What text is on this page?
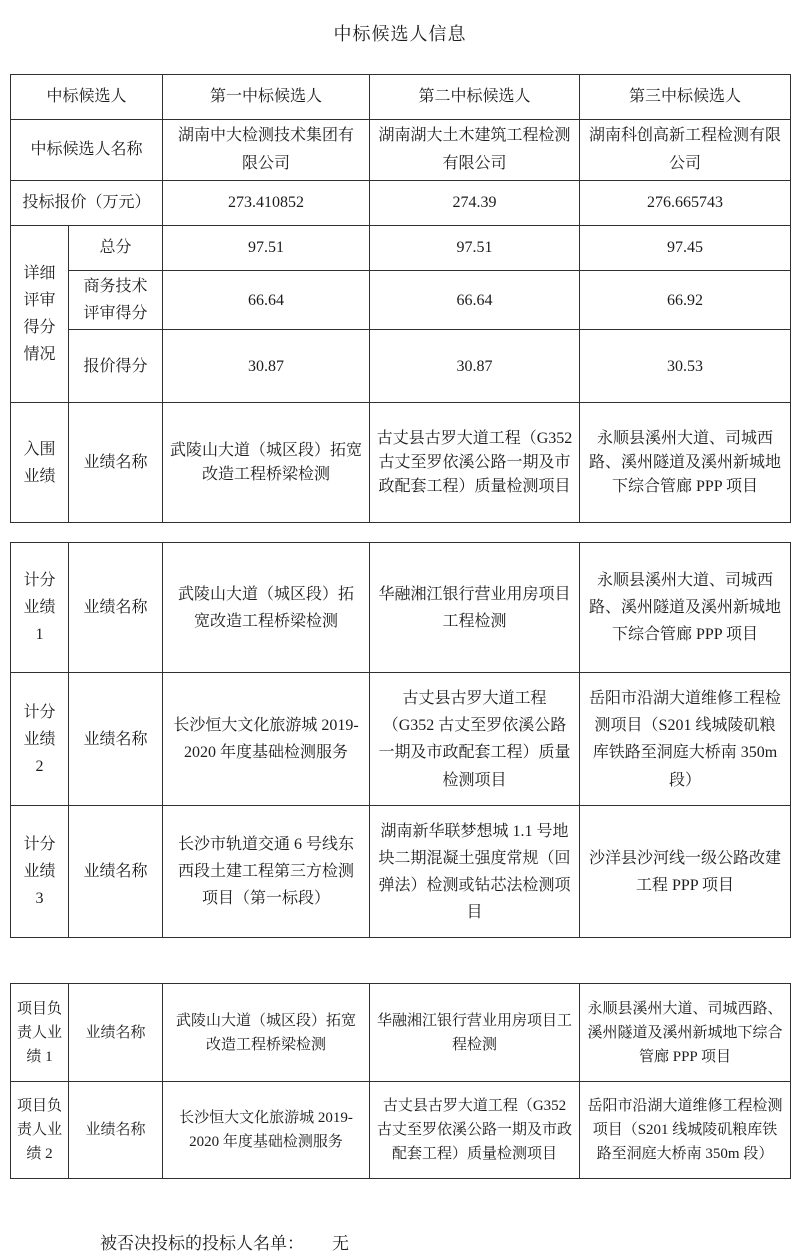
中标候选人信息
中标候选人		第一中标候选人	第二中标候选人	第三中标候选人
中标候选人名称		湖南中大检测技术集团有限公司	湖南湖大土木建筑工程检测有限公司	湖南科创高新工程检测有限公司
投标报价（万元）		273.410852	274.39	276.665743
详细评审得分情况	总分	97.51	97.51	97.45
	商务技术评审得分	66.64	66.64	66.92
	报价得分	30.87	30.87	30.53
入围业绩	业绩名称	武陵山大道（城区段）拓宽改造工程桥梁检测	古丈县古罗大道工程（G352 古丈至罗依溪公路一期及市政配套工程）质量检测项目	永顺县溪州大道、司城西路、溪州隧道及溪州新城地下综合管廊 PPP 项目
计分业绩 1	业绩名称	武陵山大道（城区段）拓宽改造工程桥梁检测	华融湘江银行营业用房项目工程检测	永顺县溪州大道、司城西路、溪州隧道及溪州新城地下综合管廊 PPP 项目
计分业绩 2	业绩名称	长沙恒大文化旅游城 2019-2020 年度基础检测服务	古丈县古罗大道工程（G352 古丈至罗依溪公路一期及市政配套工程）质量检测项目	岳阳市沿湖大道维修工程检测项目（S201 线城陵矶粮库铁路至洞庭大桥南 350m 段）
计分业绩 3	业绩名称	长沙市轨道交通 6 号线东西段土建工程第三方检测项目（第一标段）	湖南新华联梦想城 1.1 号地块二期混凝土强度常规（回弹法）检测或钻芯法检测项目	沙洋县沙河线一级公路改建工程 PPP 项目
项目负责人业绩 1	业绩名称	武陵山大道（城区段）拓宽改造工程桥梁检测	华融湘江银行营业用房项目工程检测	永顺县溪州大道、司城西路、溪州隧道及溪州新城地下综合管廊 PPP 项目
项目负责人业绩 2	业绩名称	长沙恒大文化旅游城 2019-2020 年度基础检测服务	古丈县古罗大道工程（G352 古丈至罗依溪公路一期及市政配套工程）质量检测项目	岳阳市沿湖大道维修工程检测项目（S201 线城陵矶粮库铁路至洞庭大桥南 350m 段）

被否决投标的投标人名单： 无
